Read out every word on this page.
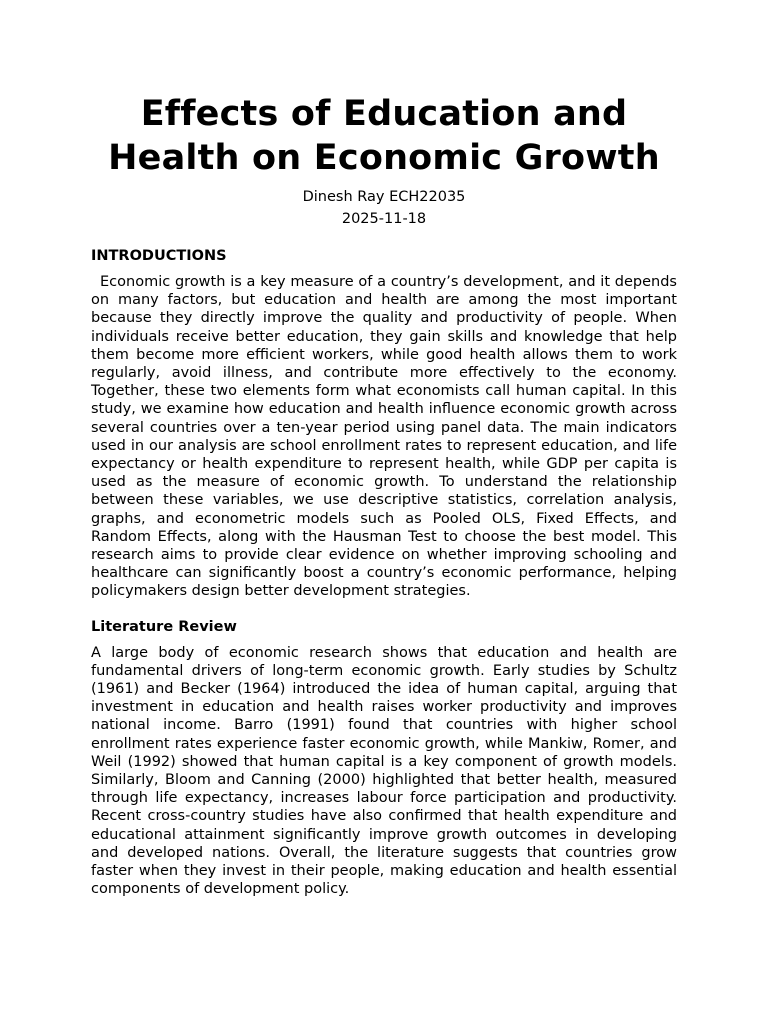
Effects of Education and
Health on Economic Growth
Dinesh Ray ECH22035
2025-11-18
INTRODUCTIONS

Economic growth is a key measure of a country’s development, and it depends on many factors, but education and health are among the most important because they directly improve the quality and productivity of people. When individuals receive better education, they gain skills and knowledge that help them become more efficient workers, while good health allows them to work regularly, avoid illness, and contribute more effectively to the economy. Together, these two elements form what economists call human capital. In this study, we examine how education and health influence economic growth across several countries over a ten-year period using panel data. The main indicators used in our analysis are school enrollment rates to represent education, and life expectancy or health expenditure to represent health, while GDP per capita is used as the measure of economic growth. To understand the relationship between these variables, we use descriptive statistics, correlation analysis, graphs, and econometric models such as Pooled OLS, Fixed Effects, and Random Effects, along with the Hausman Test to choose the best model. This research aims to provide clear evidence on whether improving schooling and healthcare can significantly boost a country’s economic performance, helping policymakers design better development strategies.

Literature Review

A large body of economic research shows that education and health are fundamental drivers of long-term economic growth. Early studies by Schultz (1961) and Becker (1964) introduced the idea of human capital, arguing that investment in education and health raises worker productivity and improves national income. Barro (1991) found that countries with higher school enrollment rates experience faster economic growth, while Mankiw, Romer, and Weil (1992) showed that human capital is a key component of growth models. Similarly, Bloom and Canning (2000) highlighted that better health, measured through life expectancy, increases labour force participation and productivity. Recent cross-country studies have also confirmed that health expenditure and educational attainment significantly improve growth outcomes in developing and developed nations. Overall, the literature suggests that countries grow faster when they invest in their people, making education and health essential components of development policy.
